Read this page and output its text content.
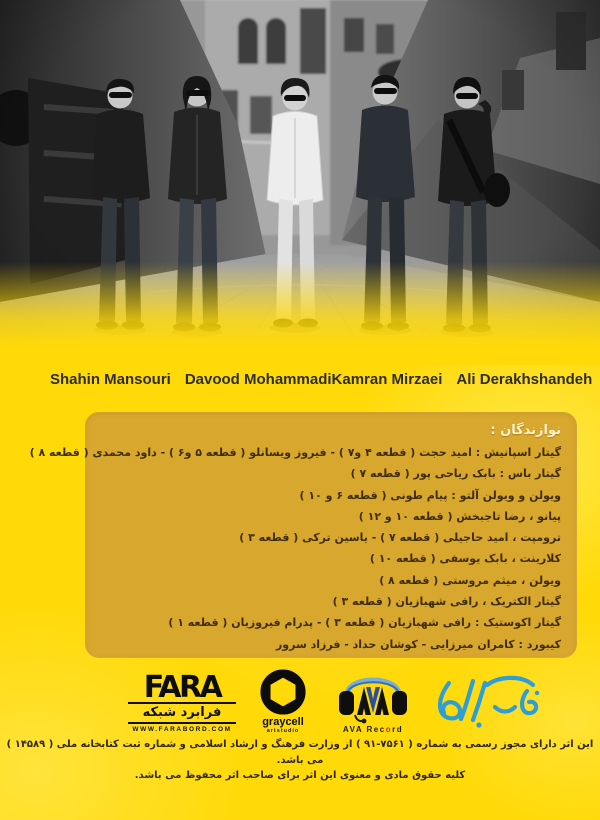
Shahin Mansouri Davood Mohammadi Kamran Mirzaei Ali Derakhshandeh
نوازندگان :
گیتار اسپانیش : امید حجت ( قطعه ۴ و۷ ) - فیروز ویسانلو ( قطعه ۵ و۶ ) - داود محمدی ( قطعه ۸ )
گیتار باس : بابک ریاحی پور ( قطعه ۷ )
ویولن و ویولن آلتو : پیام طونی ( قطعه ۶ و ۱۰ )
پیانو ، رضا تاجبخش ( قطعه ۱۰ و ۱۲ )
ترومپت ، امید حاجیلی ( قطعه ۷ ) - یاسین ترکی ( قطعه ۳ )
کلارینت ، بابک یوسفی ( قطعه ۱۰ )
ویولن ، میثم مروستی ( قطعه ۸ )
گیتار الکتریک ، رافی شهبازیان ( قطعه ۳ )
گیتار اکوستیک : رافی شهبازیان ( قطعه ۳ ) - پدرام فیروزیان ( قطعه ۱ )
کیبورد : کامران میرزایی - کوشان حداد - فرزاد سرور
FARA
فرابرد شبکه
WWW.FARABORD.COM
graycell
artstudio	AVA Record
این اثر دارای مجوز رسمی به شماره ( ۷۵۶۱-۹۱ ) از وزارت فرهنگ و ارشاد اسلامی و شماره ثبت کتابخانه ملی ( ۱۴۵۸۹ ) می باشد.
کلیه حقوق مادی و معنوی این اثر برای صاحب اثر محفوظ می باشد.
